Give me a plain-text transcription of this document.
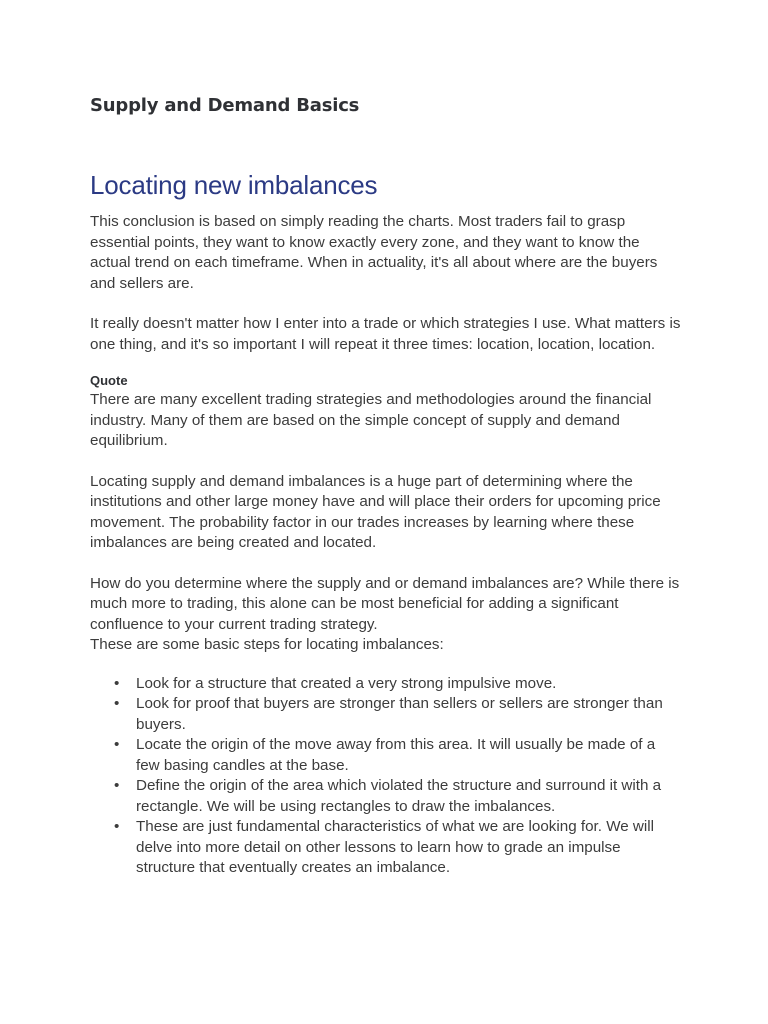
Supply and Demand Basics
Locating new imbalances

This conclusion is based on simply reading the charts. Most traders fail to grasp essential points, they want to know exactly every zone, and they want to know the actual trend on each timeframe. When in actuality, it's all about where are the buyers and sellers are.

It really doesn't matter how I enter into a trade or which strategies I use. What matters is one thing, and it's so important I will repeat it three times: location, location, location.

Quote

There are many excellent trading strategies and methodologies around the financial industry. Many of them are based on the simple concept of supply and demand equilibrium.

Locating supply and demand imbalances is a huge part of determining where the institutions and other large money have and will place their orders for upcoming price movement. The probability factor in our trades increases by learning where these imbalances are being created and located.

How do you determine where the supply and or demand imbalances are? While there is much more to trading, this alone can be most beneficial for adding a significant confluence to your current trading strategy.

These are some basic steps for locating imbalances:

• Look for a structure that created a very strong impulsive move.
• Look for proof that buyers are stronger than sellers or sellers are stronger than buyers.
• Locate the origin of the move away from this area. It will usually be made of a few basing candles at the base.
• Define the origin of the area which violated the structure and surround it with a rectangle. We will be using rectangles to draw the imbalances.
• These are just fundamental characteristics of what we are looking for. We will delve into more detail on other lessons to learn how to grade an impulse structure that eventually creates an imbalance.
